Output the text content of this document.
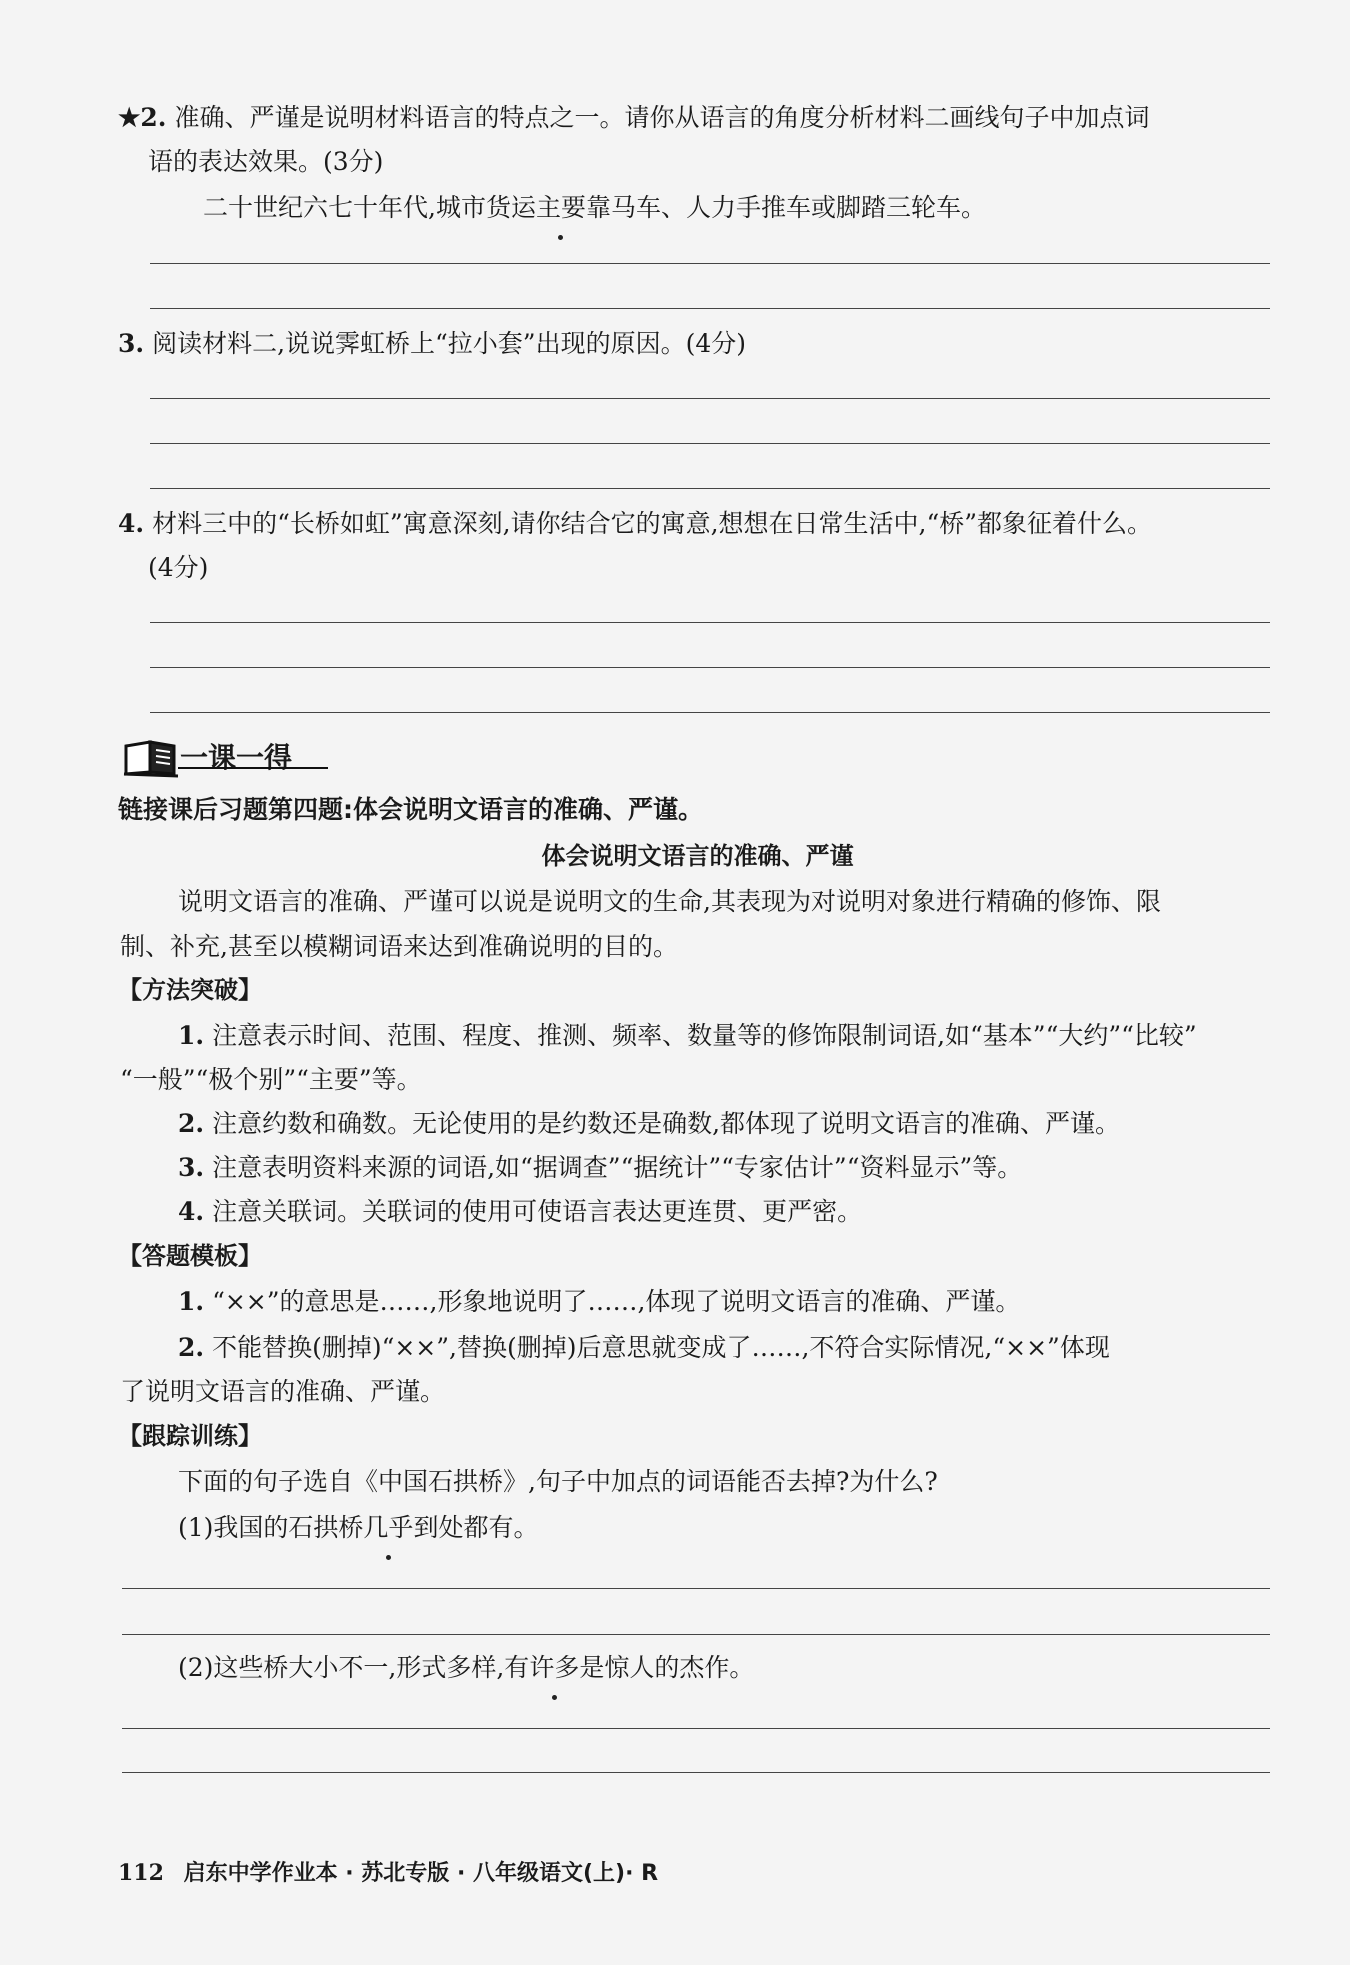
★2. 准确、严谨是说明材料语言的特点之一。请你从语言的角度分析材料二画线句子中加点词
语的表达效果。(3分)
二十世纪六七十年代,城市货运主要靠马车、人力手推车或脚踏三轮车。
3. 阅读材料二,说说霁虹桥上“拉小套”出现的原因。(4分)
4. 材料三中的“长桥如虹”寓意深刻,请你结合它的寓意,想想在日常生活中,“桥”都象征着什么。
(4分)
一课一得
链接课后习题第四题:体会说明文语言的准确、严谨。
体会说明文语言的准确、严谨
说明文语言的准确、严谨可以说是说明文的生命,其表现为对说明对象进行精确的修饰、限
制、补充,甚至以模糊词语来达到准确说明的目的。
【方法突破】
1. 注意表示时间、范围、程度、推测、频率、数量等的修饰限制词语,如“基本”“大约”“比较”
“一般”“极个别”“主要”等。
2. 注意约数和确数。无论使用的是约数还是确数,都体现了说明文语言的准确、严谨。
3. 注意表明资料来源的词语,如“据调查”“据统计”“专家估计”“资料显示”等。
4. 注意关联词。关联词的使用可使语言表达更连贯、更严密。
【答题模板】
1. “××”的意思是……,形象地说明了……,体现了说明文语言的准确、严谨。
2. 不能替换(删掉)“××”,替换(删掉)后意思就变成了……,不符合实际情况,“××”体现
了说明文语言的准确、严谨。
【跟踪训练】
下面的句子选自《中国石拱桥》,句子中加点的词语能否去掉?为什么?
(1)我国的石拱桥几乎到处都有。
(2)这些桥大小不一,形式多样,有许多是惊人的杰作。
112 启东中学作业本 · 苏北专版 · 八年级语文(上)· R
